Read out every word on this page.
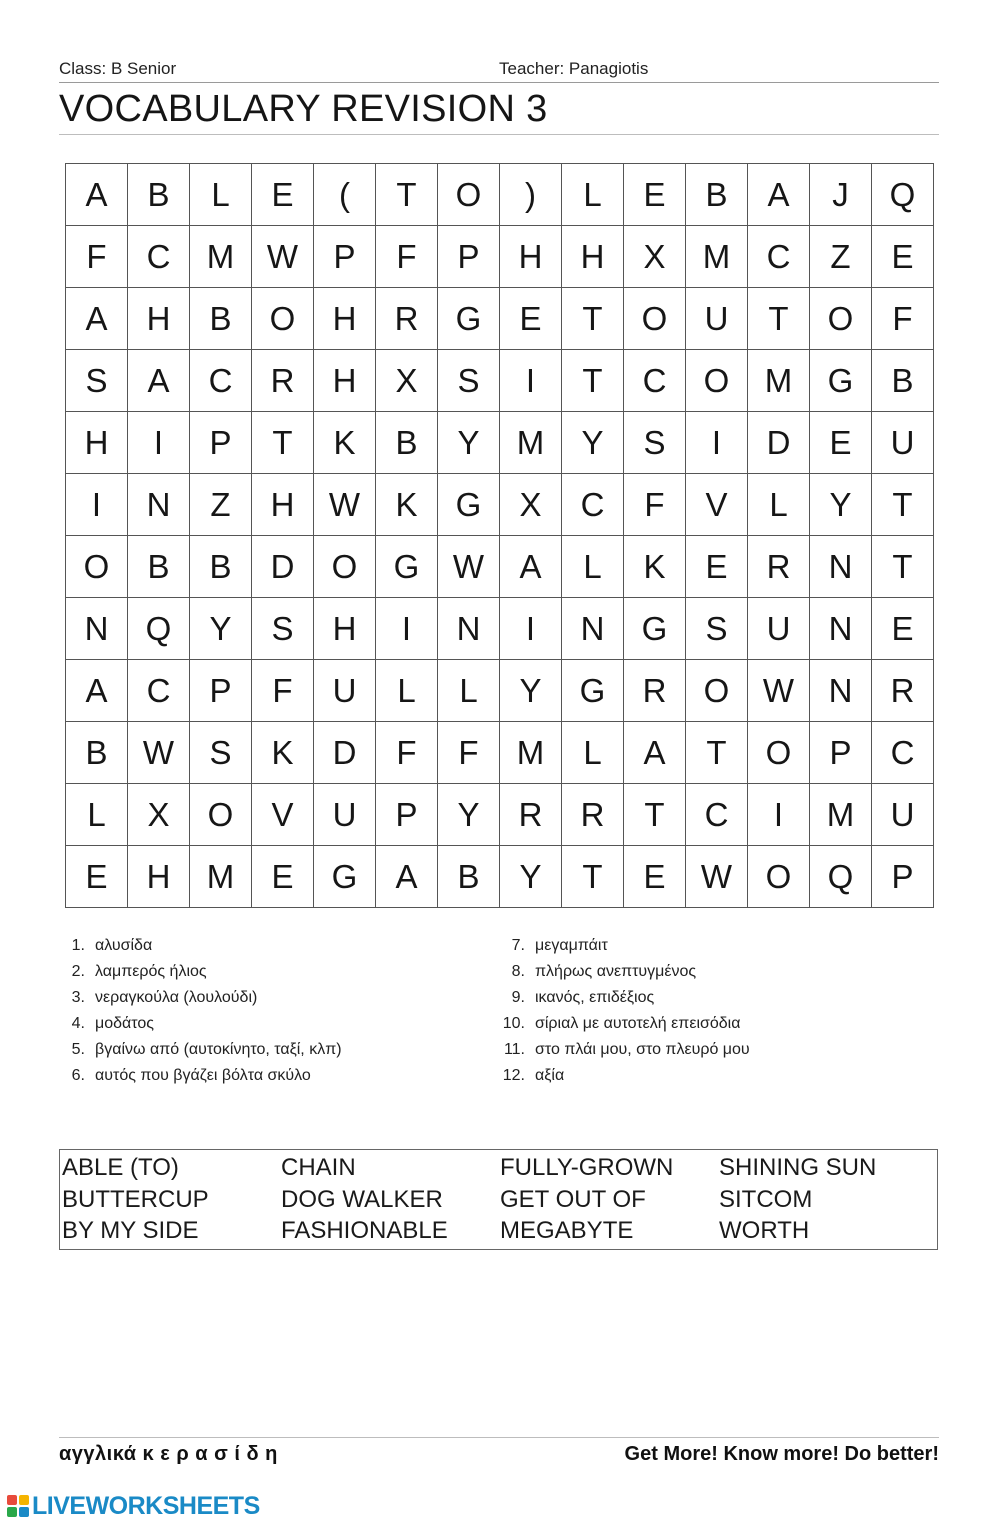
Class: B Senior	Teacher: Panagiotis
VOCABULARY REVISION 3
A	B	L	E	(	T	O	)	L	E	B	A	J	Q
F	C	M	W	P	F	P	H	H	X	M	C	Z	E
A	H	B	O	H	R	G	E	T	O	U	T	O	F
S	A	C	R	H	X	S	I	T	C	O	M	G	B
H	I	P	T	K	B	Y	M	Y	S	I	D	E	U
I	N	Z	H	W	K	G	X	C	F	V	L	Y	T
O	B	B	D	O	G	W	A	L	K	E	R	N	T
N	Q	Y	S	H	I	N	I	N	G	S	U	N	E
A	C	P	F	U	L	L	Y	G	R	O	W	N	R
B	W	S	K	D	F	F	M	L	A	T	O	P	C
L	X	O	V	U	P	Y	R	R	T	C	I	M	U
E	H	M	E	G	A	B	Y	T	E	W	O	Q	P
1. αλυσίδα
2. λαμπερός ήλιος
3. νεραγκούλα (λουλούδι)
4. μοδάτος
5. βγαίνω από (αυτοκίνητο, ταξί, κλπ)
6. αυτός που βγάζει βόλτα σκύλο
7. μεγαμπάιτ
8. πλήρως ανεπτυγμένος
9. ικανός, επιδέξιος
10. σίριαλ με αυτοτελή επεισόδια
11. στο πλάι μου, στο πλευρό μου
12. αξία
ABLE (TO)	CHAIN	FULLY-GROWN	SHINING SUN
BUTTERCUP	DOG WALKER	GET OUT OF	SITCOM
BY MY SIDE	FASHIONABLE	MEGABYTE	WORTH
αγγλικά κ ε ρ α σ ί δ η	Get More! Know more! Do better!
LIVEWORKSHEETS
